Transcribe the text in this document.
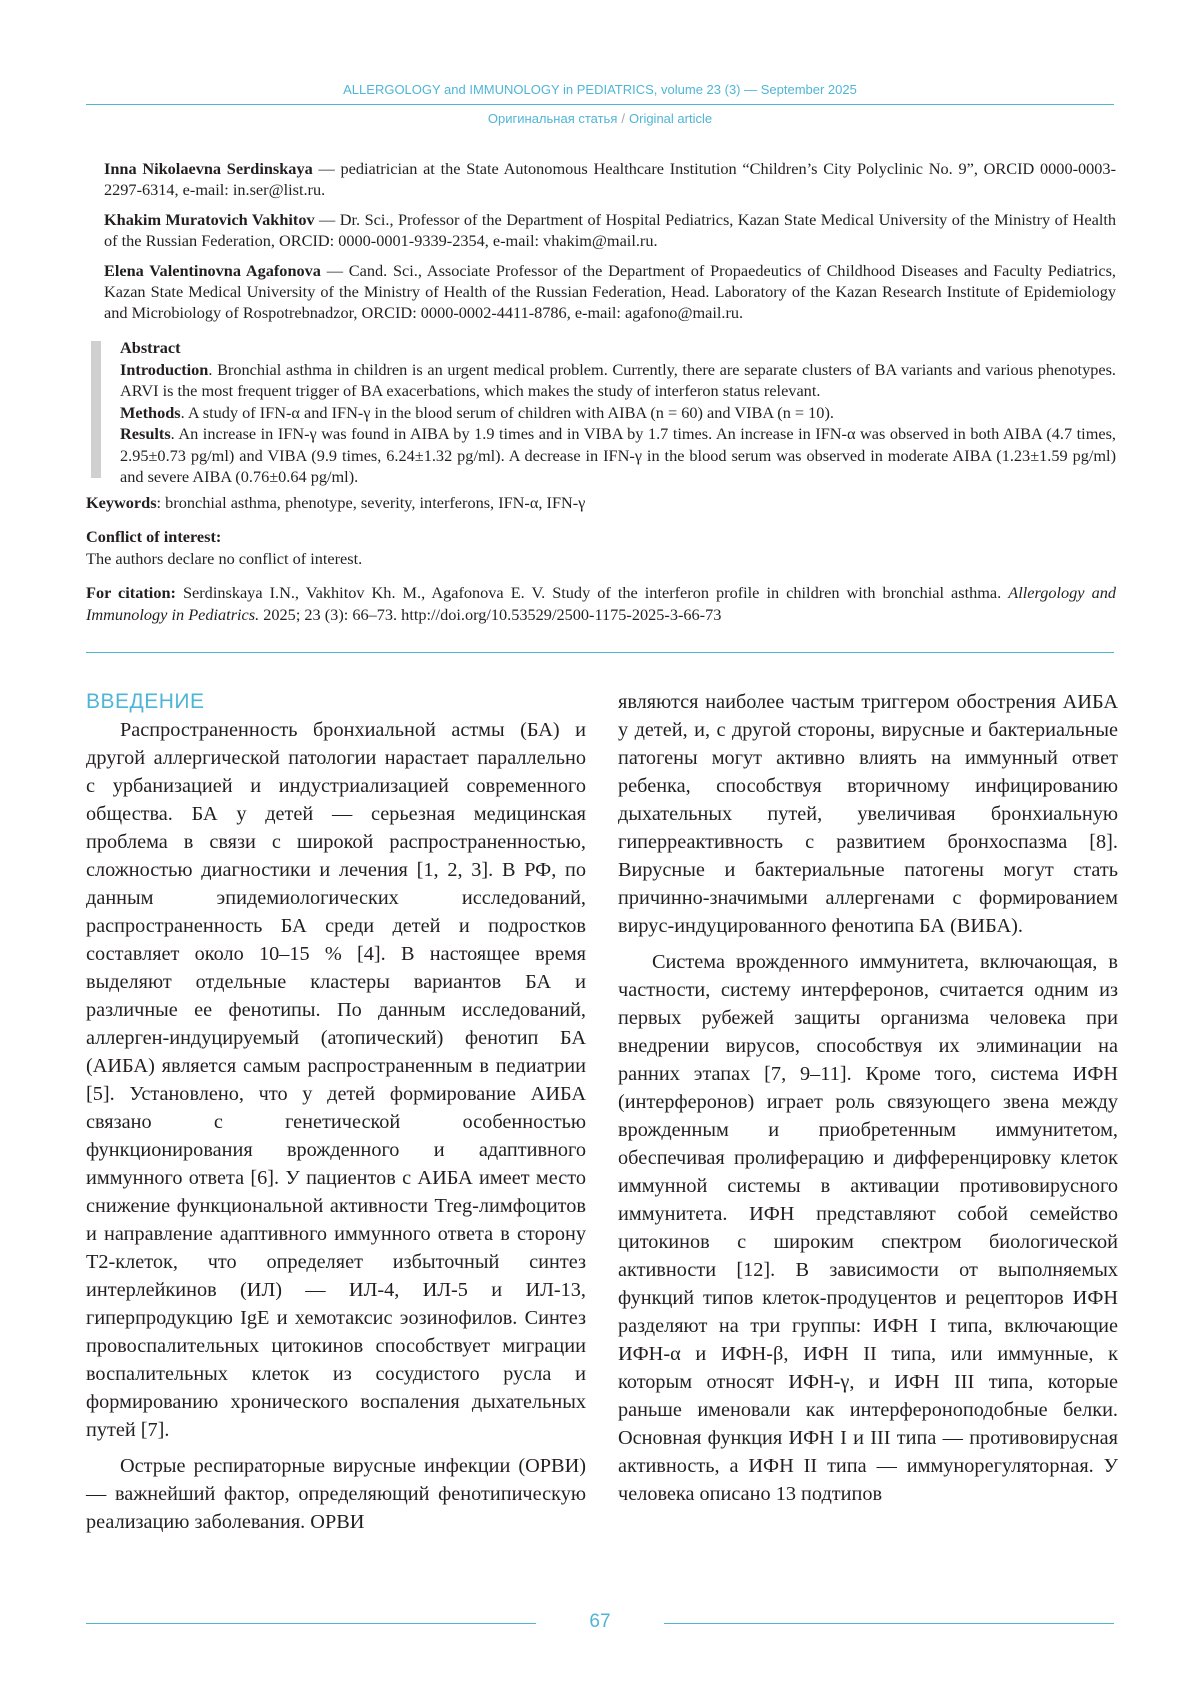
ALLERGOLOGY and IMMUNOLOGY in PEDIATRICS, volume 23 (3) — September 2025
Оригинальная статья / Original article
Inna Nikolaevna Serdinskaya — pediatrician at the State Autonomous Healthcare Institution “Children’s City Polyclinic No. 9”, ORCID 0000-0003-2297-6314, e-mail: in.ser@list.ru.
Khakim Muratovich Vakhitov — Dr. Sci., Professor of the Department of Hospital Pediatrics, Kazan State Medical University of the Ministry of Health of the Russian Federation, ORCID: 0000-0001-9339-2354, e-mail: vhakim@mail.ru.
Elena Valentinovna Agafonova — Cand. Sci., Associate Professor of the Department of Propaedeutics of Childhood Diseases and Faculty Pediatrics, Kazan State Medical University of the Ministry of Health of the Russian Federation, Head. Laboratory of the Kazan Research Institute of Epidemiology and Microbiology of Rospotrebnadzor, ORCID: 0000-0002-4411-8786, e-mail: agafono@mail.ru.
Abstract
Introduction. Bronchial asthma in children is an urgent medical problem. Currently, there are separate clusters of BA variants and various phenotypes. ARVI is the most frequent trigger of BA exacerbations, which makes the study of interferon status relevant.
Methods. A study of IFN-α and IFN-γ in the blood serum of children with AIBA (n = 60) and VIBA (n = 10).
Results. An increase in IFN-γ was found in AIBA by 1.9 times and in VIBA by 1.7 times. An increase in IFN-α was observed in both AIBA (4.7 times, 2.95±0.73 pg/ml) and VIBA (9.9 times, 6.24±1.32 pg/ml). A decrease in IFN-γ in the blood serum was observed in moderate AIBA (1.23±1.59 pg/ml) and severe AIBA (0.76±0.64 pg/ml).
Keywords: bronchial asthma, phenotype, severity, interferons, IFN-α, IFN-γ
Conflict of interest:
The authors declare no conflict of interest.
For citation: Serdinskaya I.N., Vakhitov Kh. M., Agafonova E. V. Study of the interferon profile in children with bronchial asthma. Allergology and Immunology in Pediatrics. 2025; 23 (3): 66–73. http://doi.org/10.53529/2500-1175-2025-3-66-73
ВВЕДЕНИЕ

Распространенность бронхиальной астмы (БА) и другой аллергической патологии нарастает параллельно с урбанизацией и индустриализацией современного общества. БА у детей — серьезная медицинская проблема в связи с широкой распространенностью, сложностью диагностики и лечения [1, 2, 3]. В РФ, по данным эпидемиологических исследований, распространенность БА среди детей и подростков составляет около 10–15 % [4]. В настоящее время выделяют отдельные кластеры вариантов БА и различные ее фенотипы. По данным исследований, аллерген-индуцируемый (атопический) фенотип БА (АИБА) является самым распространенным в педиатрии [5]. Установлено, что у детей формирование АИБА связано с генетической особенностью функционирования врожденного и адаптивного иммунного ответа [6]. У пациентов с АИБА имеет место снижение функциональной активности Treg-лимфоцитов и направление адаптивного иммунного ответа в сторону Т2-клеток, что определяет избыточный синтез интерлейкинов (ИЛ) — ИЛ-4, ИЛ-5 и ИЛ-13, гиперпродукцию IgE и хемотаксис эозинофилов. Синтез провоспалительных цитокинов способствует миграции воспалительных клеток из сосудистого русла и формированию хронического воспаления дыхательных путей [7].

Острые респираторные вирусные инфекции (ОРВИ) — важнейший фактор, определяющий фенотипическую реализацию заболевания. ОРВИ

являются наиболее частым триггером обострения АИБА у детей, и, с другой стороны, вирусные и бактериальные патогены могут активно влиять на иммунный ответ ребенка, способствуя вторичному инфицированию дыхательных путей, увеличивая бронхиальную гиперреактивность с развитием бронхоспазма [8]. Вирусные и бактериальные патогены могут стать причинно-значимыми аллергенами с формированием вирус-индуцированного фенотипа БА (ВИБА).

Система врожденного иммунитета, включающая, в частности, систему интерферонов, считается одним из первых рубежей защиты организма человека при внедрении вирусов, способствуя их элиминации на ранних этапах [7, 9–11]. Кроме того, система ИФН (интерферонов) играет роль связующего звена между врожденным и приобретенным иммунитетом, обеспечивая пролиферацию и дифференцировку клеток иммунной системы в активации противовирусного иммунитета. ИФН представляют собой семейство цитокинов с широким спектром биологической активности [12]. В зависимости от выполняемых функций типов клеток-продуцентов и рецепторов ИФН разделяют на три группы: ИФН I типа, включающие ИФН-α и ИФН-β, ИФН II типа, или иммунные, к которым относят ИФН-γ, и ИФН III типа, которые раньше именовали как интерфероноподобные белки. Основная функция ИФН I и III типа — противовирусная активность, а ИФН II типа — иммунорегуляторная. У человека описано 13 подтипов

67
